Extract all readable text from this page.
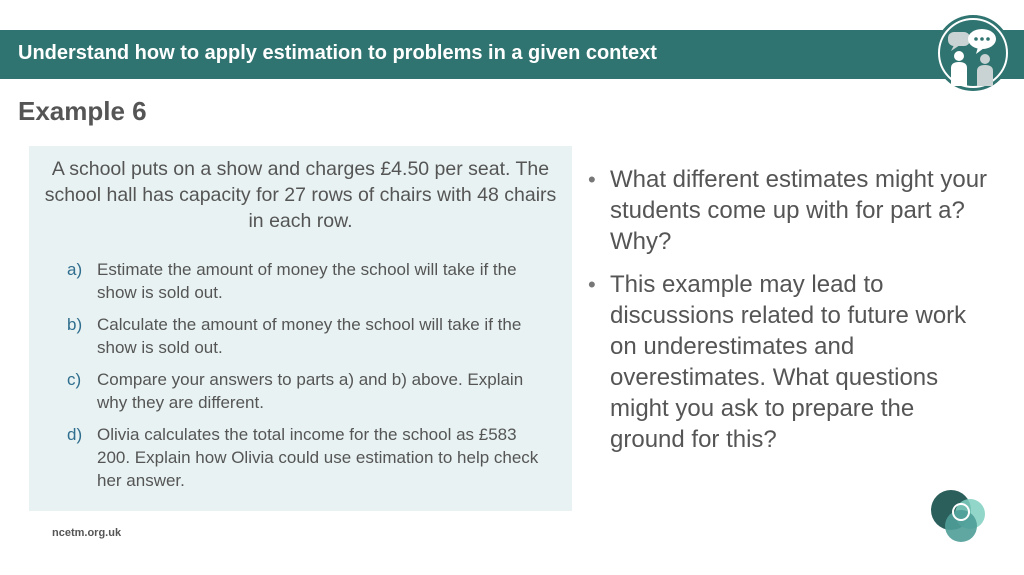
Understand how to apply estimation to problems in a given context
Example 6
A school puts on a show and charges £4.50 per seat. The school hall has capacity for 27 rows of chairs with 48 chairs in each row.
a) Estimate the amount of money the school will take if the show is sold out.
b) Calculate the amount of money the school will take if the show is sold out.
c) Compare your answers to parts a) and b) above. Explain why they are different.
d) Olivia calculates the total income for the school as £583 200. Explain how Olivia could use estimation to help check her answer.
• What different estimates might your students come up with for part a? Why?
• This example may lead to discussions related to future work on underestimates and overestimates. What questions might you ask to prepare the ground for this?
ncetm.org.uk
